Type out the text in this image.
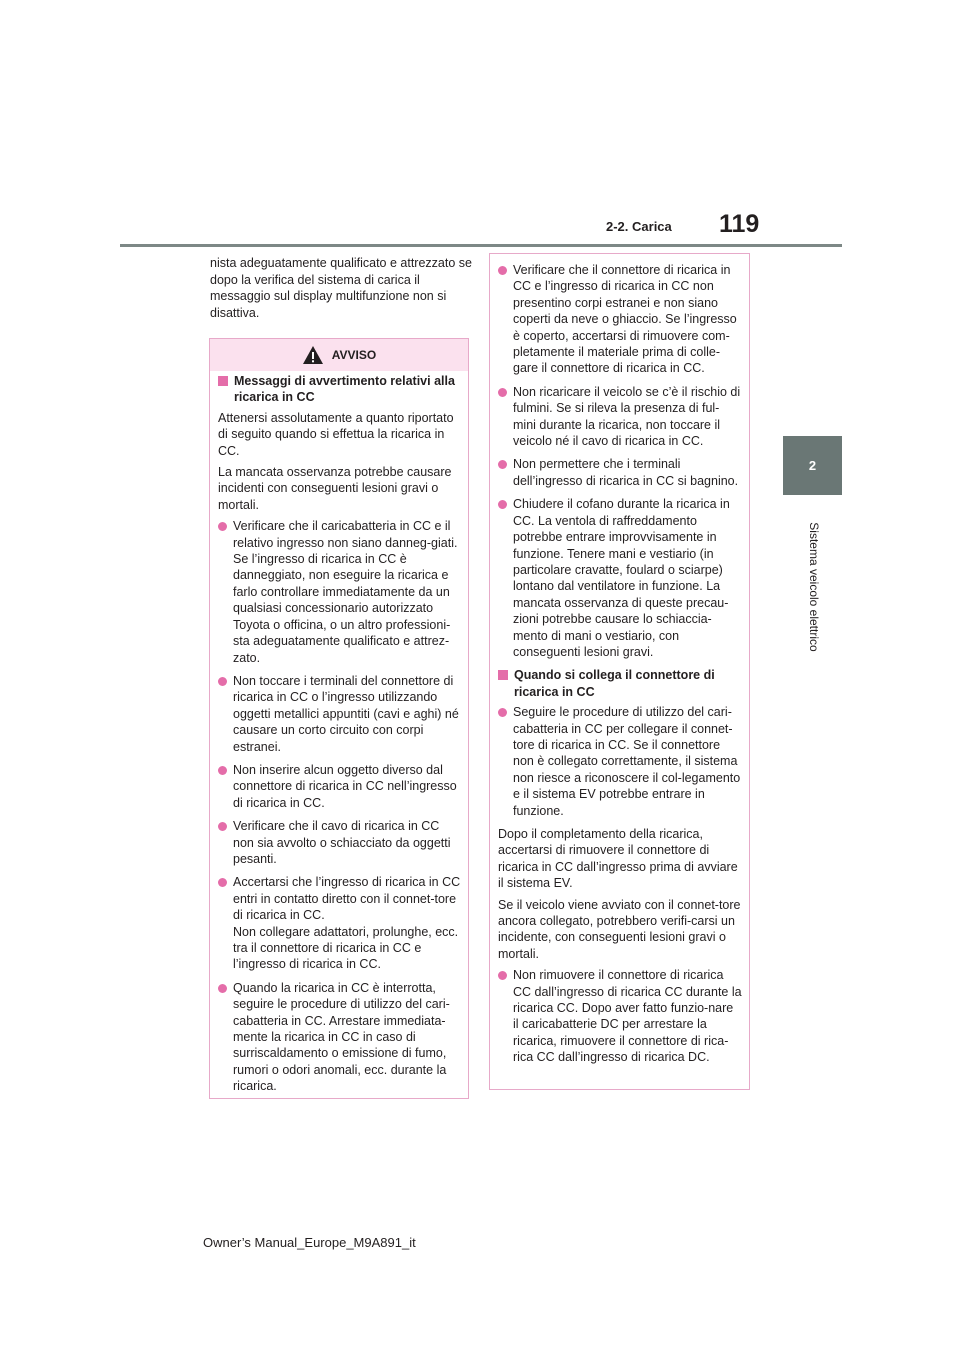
2-2. Carica 119
2
Sistema veicolo elettrico

nista adeguatamente qualificato e attrezzato se dopo la verifica del sistema di carica il messaggio sul display multifunzione non si disattiva.

AVVISO
Messaggi di avvertimento relativi alla ricarica in CC

Attenersi assolutamente a quanto riportato di seguito quando si effettua la ricarica in CC.

La mancata osservanza potrebbe causare incidenti con conseguenti lesioni gravi o mortali.

Verificare che il caricabatteria in CC e il relativo ingresso non siano danneg-giati. Se l’ingresso di ricarica in CC è danneggiato, non eseguire la ricarica e farlo controllare immediatamente da un qualsiasi concessionario autorizzato Toyota o officina, o un altro professioni-sta adeguatamente qualificato e attrez-zato.
Non toccare i terminali del connettore di ricarica in CC o l’ingresso utilizzando oggetti metallici appuntiti (cavi e aghi) né causare un corto circuito con corpi estranei.
Non inserire alcun oggetto diverso dal connettore di ricarica in CC nell’ingresso di ricarica in CC.
Verificare che il cavo di ricarica in CC non sia avvolto o schiacciato da oggetti pesanti.
Accertarsi che l’ingresso di ricarica in CC entri in contatto diretto con il connet-tore di ricarica in CC.
Non collegare adattatori, prolunghe, ecc. tra il connettore di ricarica in CC e l’ingresso di ricarica in CC.
Quando la ricarica in CC è interrotta, seguire le procedure di utilizzo del cari-cabatteria in CC. Arrestare immediata-mente la ricarica in CC in caso di surriscaldamento o emissione di fumo, rumori o odori anomali, ecc. durante la ricarica.
Verificare che il connettore di ricarica in CC e l’ingresso di ricarica in CC non presentino corpi estranei e non siano coperti da neve o ghiaccio. Se l’ingresso è coperto, accertarsi di rimuovere com-pletamente il materiale prima di colle-gare il connettore di ricarica in CC.
Non ricaricare il veicolo se c’è il rischio di fulmini. Se si rileva la presenza di ful-mini durante la ricarica, non toccare il veicolo né il cavo di ricarica in CC.
Non permettere che i terminali dell’ingresso di ricarica in CC si bagnino.
Chiudere il cofano durante la ricarica in CC. La ventola di raffreddamento potrebbe entrare improvvisamente in funzione. Tenere mani e vestiario (in particolare cravatte, foulard o sciarpe) lontano dal ventilatore in funzione. La mancata osservanza di queste precau-zioni potrebbe causare lo schiaccia-mento di mani o vestiario, con conseguenti lesioni gravi.
Quando si collega il connettore di ricarica in CC
Seguire le procedure di utilizzo del cari-cabatteria in CC per collegare il connet-tore di ricarica in CC. Se il connettore non è collegato correttamente, il sistema non riesce a riconoscere il col-legamento e il sistema EV potrebbe entrare in funzione.

Dopo il completamento della ricarica, accertarsi di rimuovere il connettore di ricarica in CC dall’ingresso prima di avviare il sistema EV.

Se il veicolo viene avviato con il connet-tore ancora collegato, potrebbero verifi-carsi un incidente, con conseguenti lesioni gravi o mortali.

Non rimuovere il connettore di ricarica CC dall’ingresso di ricarica CC durante la ricarica CC. Dopo aver fatto funzio-nare il caricabatterie DC per arrestare la ricarica, rimuovere il connettore di rica-rica CC dall’ingresso di ricarica DC.
Owner’s Manual_Europe_M9A891_it
